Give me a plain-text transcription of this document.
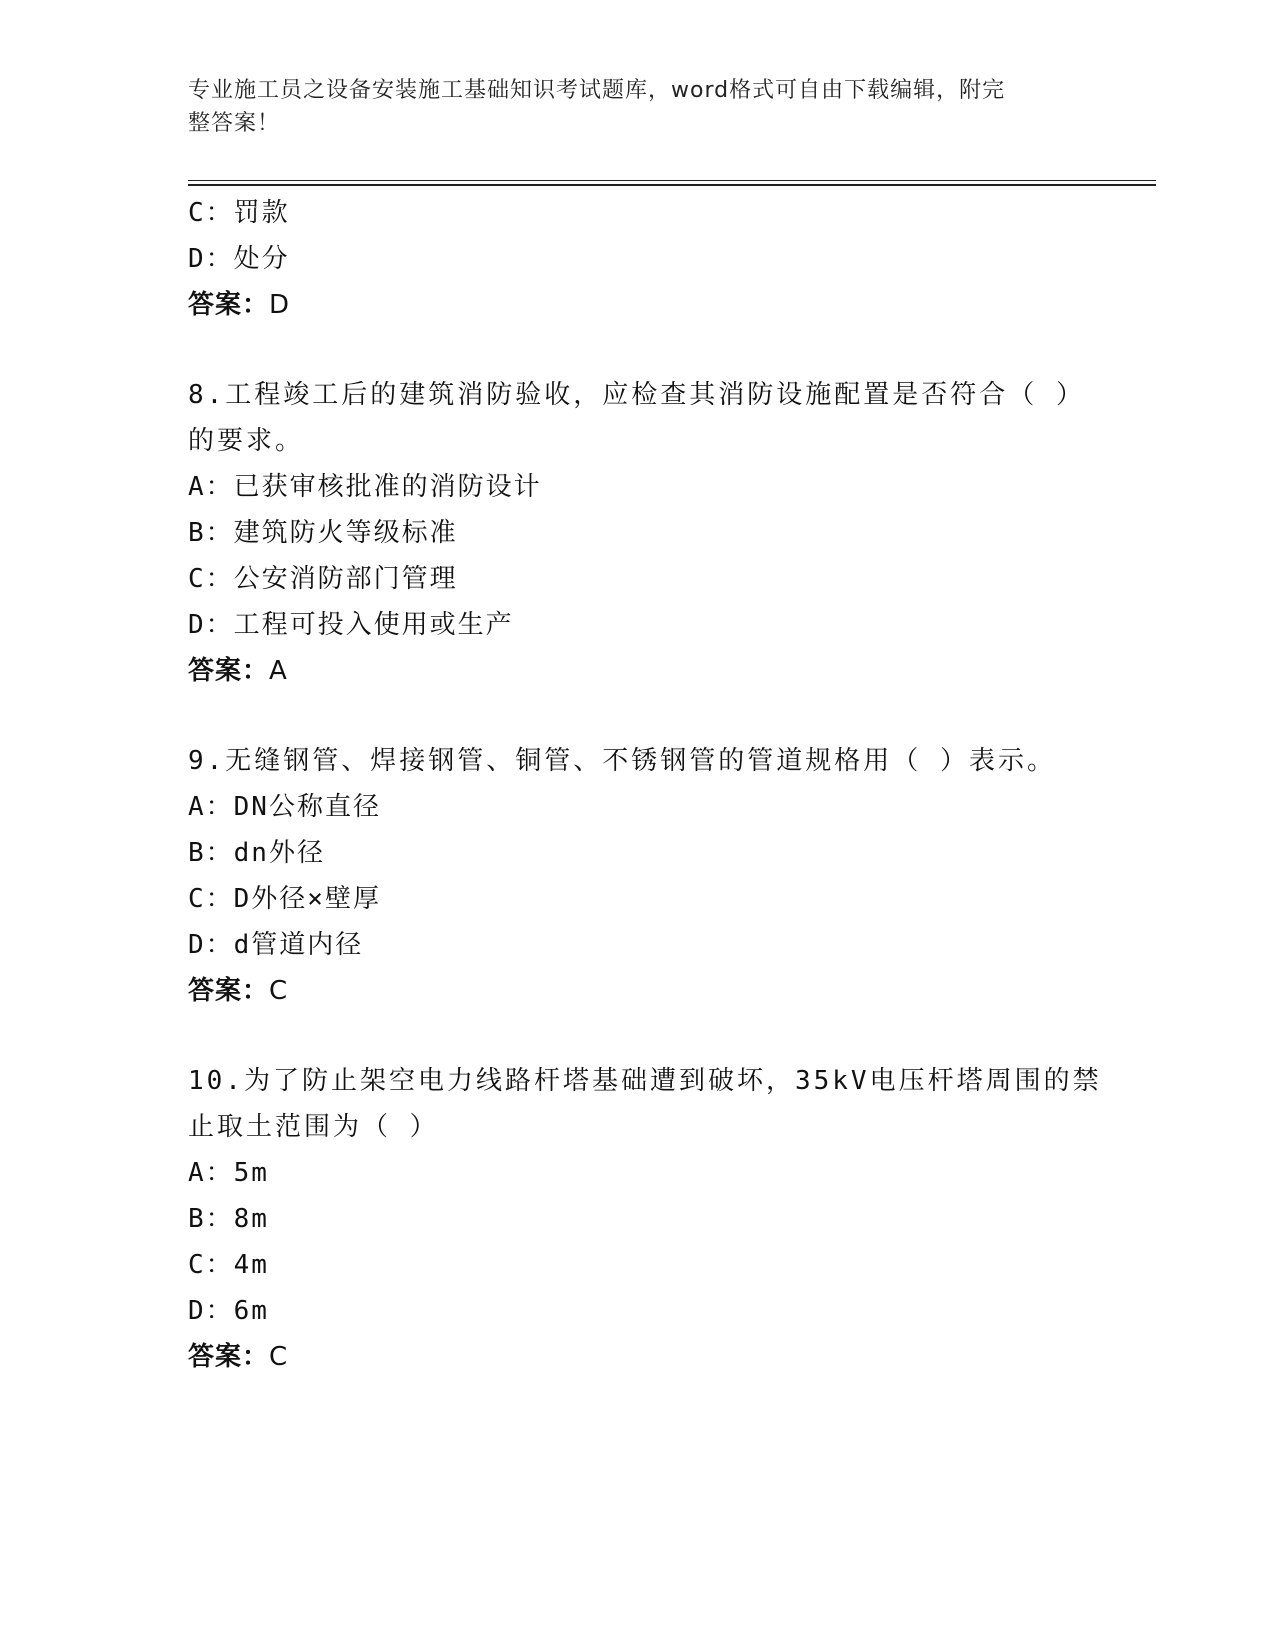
专业施工员之设备安装施工基础知识考试题库，word格式可自由下载编辑，附完
整答案！
C：罚款
D：处分
答案：D
8.工程竣工后的建筑消防验收，应检查其消防设施配置是否符合（ ）
的要求。
A：已获审核批准的消防设计
B：建筑防火等级标准
C：公安消防部门管理
D：工程可投入使用或生产
答案：A
9.无缝钢管、焊接钢管、铜管、不锈钢管的管道规格用（ ）表示。
A：DN公称直径
B：dn外径
C：D外径×壁厚
D：d管道内径
答案：C
10.为了防止架空电力线路杆塔基础遭到破坏，35kV电压杆塔周围的禁
止取土范围为（ ）
A：5m
B：8m
C：4m
D：6m
答案：C
